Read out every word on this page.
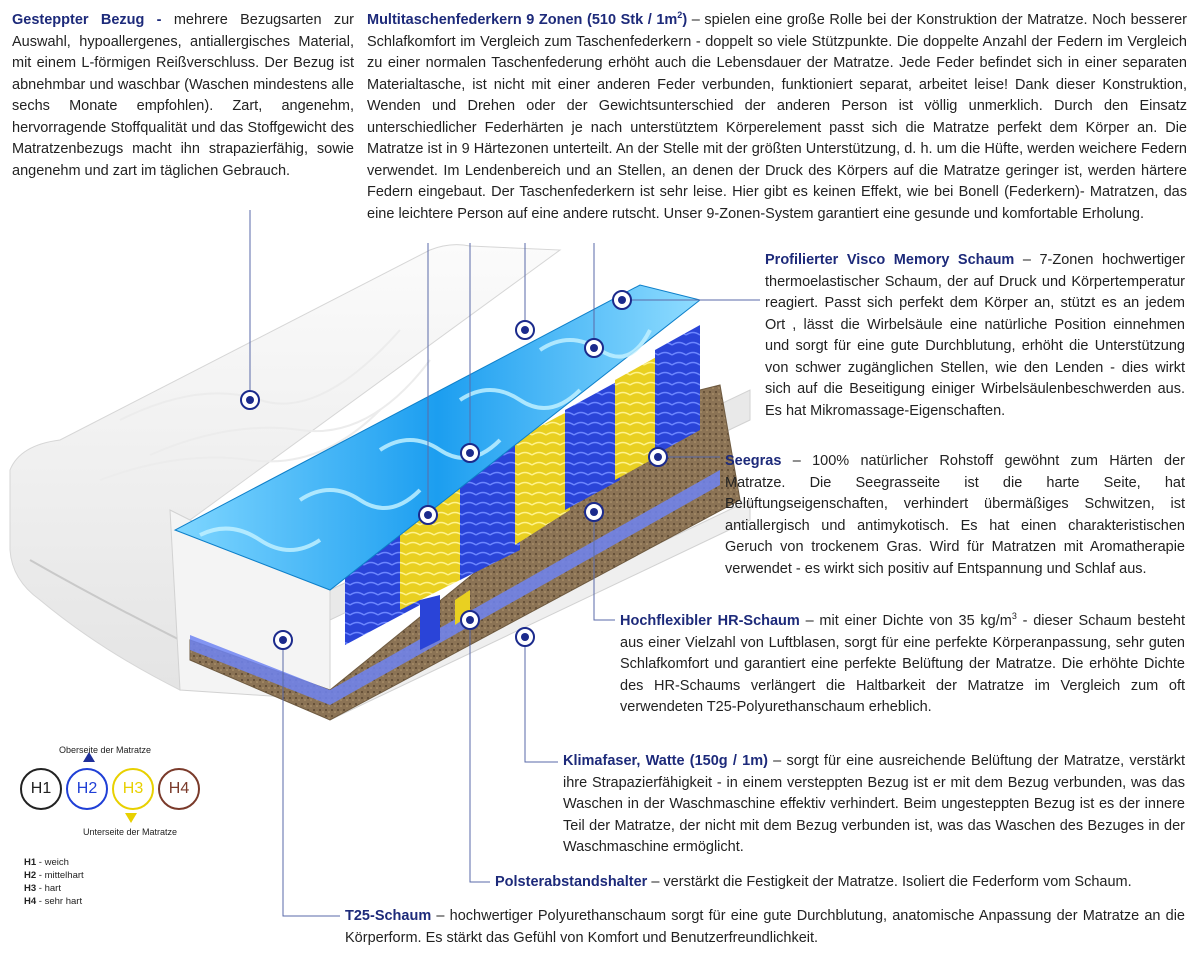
Gesteppter Bezug - mehrere Bezugsarten zur Auswahl, hypoallergenes, antiallergisches Material, mit einem L-förmigen Reißverschluss. Der Bezug ist abnehmbar und waschbar (Waschen mindestens alle sechs Monate empfohlen). Zart, angenehm, hervorragende Stoffqualität und das Stoffgewicht des Matratzenbezugs macht ihn strapazierfähig, sowie angenehm und zart im täglichen Gebrauch.
Multitaschenfederkern 9 Zonen (510 Stk / $1m^2$) – spielen eine große Rolle bei der Konstruktion der Matratze. Noch besserer Schlafkomfort im Vergleich zum Taschenfederkern - doppelt so viele Stützpunkte. Die doppelte Anzahl der Federn im Vergleich zu einer normalen Taschenfederung erhöht auch die Lebensdauer der Matratze. Jede Feder befindet sich in einer separaten Materialtasche, ist nicht mit einer anderen Feder verbunden, funktioniert separat, arbeitet leise! Dank dieser Konstruktion, Wenden und Drehen oder der Gewichtsunterschied der anderen Person ist völlig unmerklich. Durch den Einsatz unterschiedlicher Federhärten je nach unterstütztem Körperelement passt sich die Matratze perfekt dem Körper an. Die Matratze ist in 9 Härtezonen unterteilt. An der Stelle mit der größten Unterstützung, d. h. um die Hüfte, werden weichere Federn verwendet. Im Lendenbereich und an Stellen, an denen der Druck des Körpers auf die Matratze geringer ist, werden härtere Federn eingebaut. Der Taschenfederkern ist sehr leise. Hier gibt es keinen Effekt, wie bei Bonell (Federkern)- Matratzen, das eine leichtere Person auf eine andere rutscht. Unser 9-Zonen-System garantiert eine gesunde und komfortable Erholung.
Profilierter Visco Memory Schaum – 7-Zonen hochwertiger thermoelastischer Schaum, der auf Druck und Körpertemperatur reagiert. Passt sich perfekt dem Körper an, stützt es an jedem Ort , lässt die Wirbelsäule eine natürliche Position einnehmen und sorgt für eine gute Durchblutung, erhöht die Unterstützung von schwer zugänglichen Stellen, wie den Lenden - dies wirkt sich auf die Beseitigung einiger Wirbelsäulenbeschwerden aus. Es hat Mikromassage-Eigenschaften.
Seegras – 100% natürlicher Rohstoff gewöhnt zum Härten der Matratze. Die Seegrasseite ist die harte Seite, hat Belüftungseigenschaften, verhindert übermäßiges Schwitzen, ist antiallergisch und antimykotisch. Es hat einen charakteristischen Geruch von trockenem Gras. Wird für Matratzen mit Aromatherapie verwendet - es wirkt sich positiv auf Entspannung und Schlaf aus.
Hochflexibler HR-Schaum – mit einer Dichte von 35 $kg/m^3$ - dieser Schaum besteht aus einer Vielzahl von Luftblasen, sorgt für eine perfekte Körperanpassung, sehr guten Schlafkomfort und garantiert eine perfekte Belüftung der Matratze. Die erhöhte Dichte des HR-Schaums verlängert die Haltbarkeit der Matratze im Vergleich zum oft verwendeten T25-Polyurethanschaum erheblich.
Klimafaser, Watte (150g / 1m) – sorgt für eine ausreichende Belüftung der Matratze, verstärkt ihre Strapazierfähigkeit - in einem versteppten Bezug ist er mit dem Bezug verbunden, was das Waschen in der Waschmaschine effektiv verhindert. Beim ungesteppten Bezug ist es der innere Teil der Matratze, der nicht mit dem Bezug verbunden ist, was das Waschen des Bezuges in der Waschmaschine ermöglicht.
Polsterabstandshalter – verstärkt die Festigkeit der Matratze. Isoliert die Federform vom Schaum.
T25-Schaum – hochwertiger Polyurethanschaum sorgt für eine gute Durchblutung, anatomische Anpassung der Matratze an die Körperform. Es stärkt das Gefühl von Komfort und Benutzerfreundlichkeit.
Oberseite der Matratze
H1	H2	H3	H4
Unterseite der Matratze
H1 - weich
H2 - mittelhart
H3 - hart
H4 - sehr hart
